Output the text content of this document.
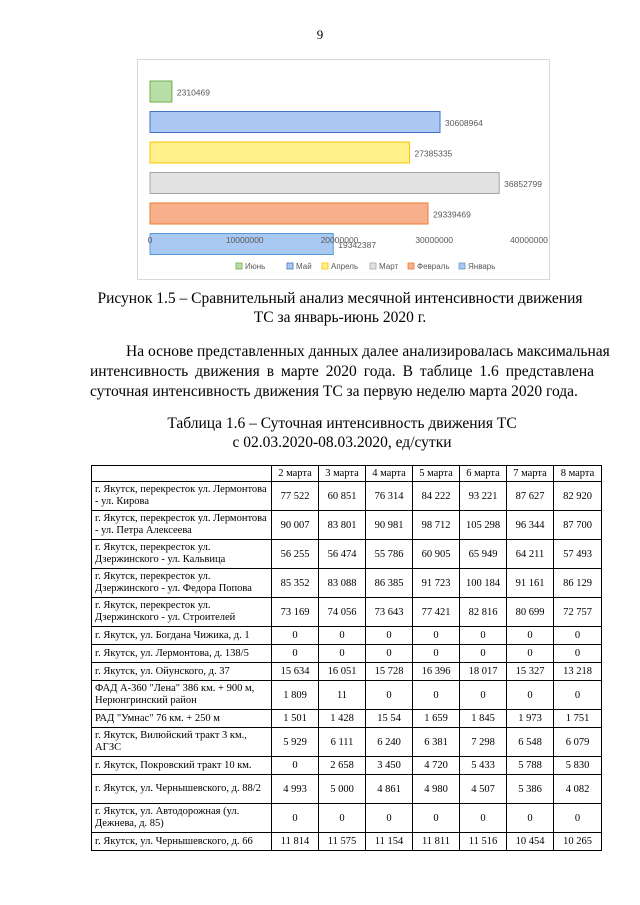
9
2310469
30608964
27385335
36852799
29339469
19342387
0	10000000	20000000	30000000	40000000
Июнь	Май Апрель	Март Февраль Январь
Рисунок 1.5 – Сравнительный анализ месячной интенсивности движения
ТС за январь-июнь 2020 г.
На основе представленных данных далее анализировалась максимальная
интенсивность движения в марте 2020 года. В таблице 1.6 представлена
суточная интенсивность движения ТС за первую неделю марта 2020 года.
Таблица 1.6 – Суточная интенсивность движения ТС
с 02.03.2020-08.03.2020, ед/сутки
	2 марта	3 марта	4 марта	5 марта	6 марта	7 марта	8 марта
г. Якутск, перекресток ул. Лермонтова - ул. Кирова	77 522	60 851	76 314	84 222	93 221	87 627	82 920
г. Якутск, перекресток ул. Лермонтова - ул. Петра Алексеева	90 007	83 801	90 981	98 712	105 298	96 344	87 700
г. Якутск, перекресток ул. Дзержинского - ул. Кальвица	56 255	56 474	55 786	60 905	65 949	64 211	57 493
г. Якутск, перекресток ул. Дзержинского - ул. Федора Попова	85 352	83 088	86 385	91 723	100 184	91 161	86 129
г. Якутск, перекресток ул. Дзержинского - ул. Строителей	73 169	74 056	73 643	77 421	82 816	80 699	72 757
г. Якутск, ул. Богдана Чижика, д. 1	0	0	0	0	0	0	0
г. Якутск, ул. Лермонтова, д. 138/5	0	0	0	0	0	0	0
г. Якутск, ул. Ойунского, д. 37	15 634	16 051	15 728	16 396	18 017	15 327	13 218
ФАД А-360 "Лена" 386 км. + 900 м, Нерюнгринский район	1 809	11	0	0	0	0	0
РАД "Умнас" 76 км. + 250 м	1 501	1 428	15 54	1 659	1 845	1 973	1 751
г. Якутск, Вилюйский тракт 3 км., АГЗС	5 929	6 111	6 240	6 381	7 298	6 548	6 079
г. Якутск, Покровский тракт 10 км.	0	2 658	3 450	4 720	5 433	5 788	5 830
г. Якутск, ул. Чернышевского, д. 88/2	4 993	5 000	4 861	4 980	4 507	5 386	4 082
г. Якутск, ул. Автодорожная (ул. Дежнева, д. 85)	0	0	0	0	0	0	0
г. Якутск, ул. Чернышевского, д. 66	11 814	11 575	11 154	11 811	11 516	10 454	10 265
